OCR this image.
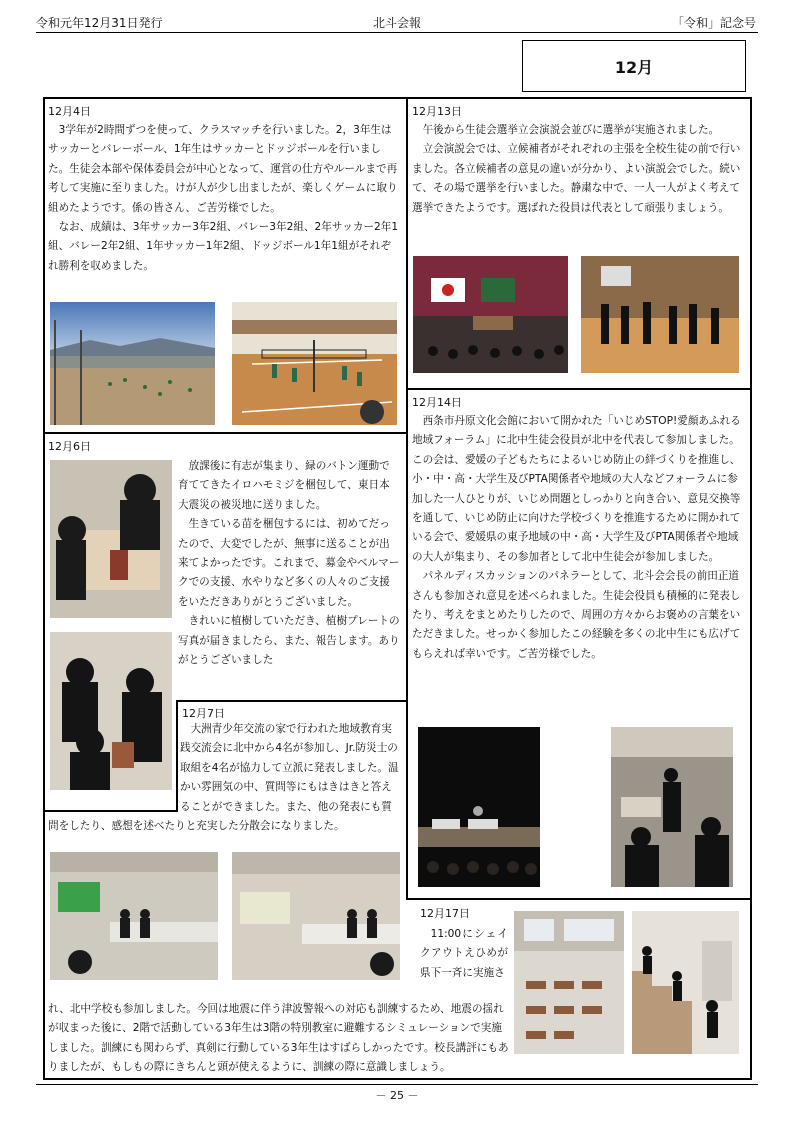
令和元年12月31日発行	北斗会報	「令和」記念号
12月
12月4日

3学年が2時間ずつを使って、クラスマッチを行いました。2，3年生はサッカーとバレーボール、1年生はサッカーとドッジボールを行いました。生徒会本部や保体委員会が中心となって、運営の仕方やルールまで再考して実施に至りました。けが人が少し出ましたが、楽しくゲームに取り組めたようです。係の皆さん、ご苦労様でした。

なお、成績は、3年サッカー3年2組、バレー3年2組、2年サッカー2年1組、バレー2年2組、1年サッカー1年2組、ドッジボール1年1組がそれぞれ勝利を収めました。

12月13日

午後から生徒会選挙立会演説会並びに選挙が実施されました。

立会演説会では、立候補者がそれぞれの主張を全校生徒の前で行いました。各立候補者の意見の違いが分かり、よい演説会でした。続いて、その場で選挙を行いました。静粛な中で、一人一人がよく考えて選挙できたようです。選ばれた役員は代表として頑張りましょう。

12月6日

放課後に有志が集まり、緑のバトン運動で育ててきたイロハモミジを梱包して、東日本大震災の被災地に送りました。

生きている苗を梱包するには、初めてだったので、大変でしたが、無事に送ることが出来てよかったです。これまで、募金やベルマークでの支援、水やりなど多くの人々のご支援をいただきありがとうございました。

きれいに植樹していただき、植樹プレートの写真が届きましたら、また、報告します。ありがとうございました

12月7日

大洲青少年交流の家で行われた地域教育実践交流会に北中から4名が参加し、Jr.防災士の取組を4名が協力して立派に発表しました。温かい雰囲気の中、質問等にもはきはきと答えることができました。また、他の発表にも質問をしたり、感想を述べたりと充実した分散会になりました。

12月14日

西条市丹原文化会館において開かれた「いじめSTOP!愛顔あふれる地域フォーラム」に北中生徒会役員が北中を代表して参加しました。この会は、愛媛の子どもたちによるいじめ防止の絆づくりを推進し、小・中・高・大学生及びPTA関係者や地域の大人などフォーラムに参加した一人ひとりが、いじめ問題としっかりと向き合い、意見交換等を通して、いじめ防止に向けた学校づくりを推進するために開かれている会で、愛媛県の東予地域の中・高・大学生及びPTA関係者や地域の大人が集まり、その参加者として北中生徒会が参加しました。

パネルディスカッションのパネラーとして、北斗会会長の前田正道さんも参加され意見を述べられました。生徒会役員も積極的に発表したり、考えをまとめたりしたので、周囲の方々からお褒めの言葉をいただきました。せっかく参加したこの経験を多くの北中生にも広げてもらえれば幸いです。ご苦労様でした。

12月17日

11:00にシェイクアウトえひめが県下一斉に実施さ

れ、北中学校も参加しました。今回は地震に伴う津波警報への対応も訓練するため、地震の揺れが収まった後に、2階で活動している3年生は3階の特別教室に避難するシミュレーションで実施しました。訓練にも関わらず、真剣に行動している3年生はすばらしかったです。校長講評にもありましたが、もしもの際にきちんと頭が使えるように、訓練の際に意識しましょう。
－ 25 －
